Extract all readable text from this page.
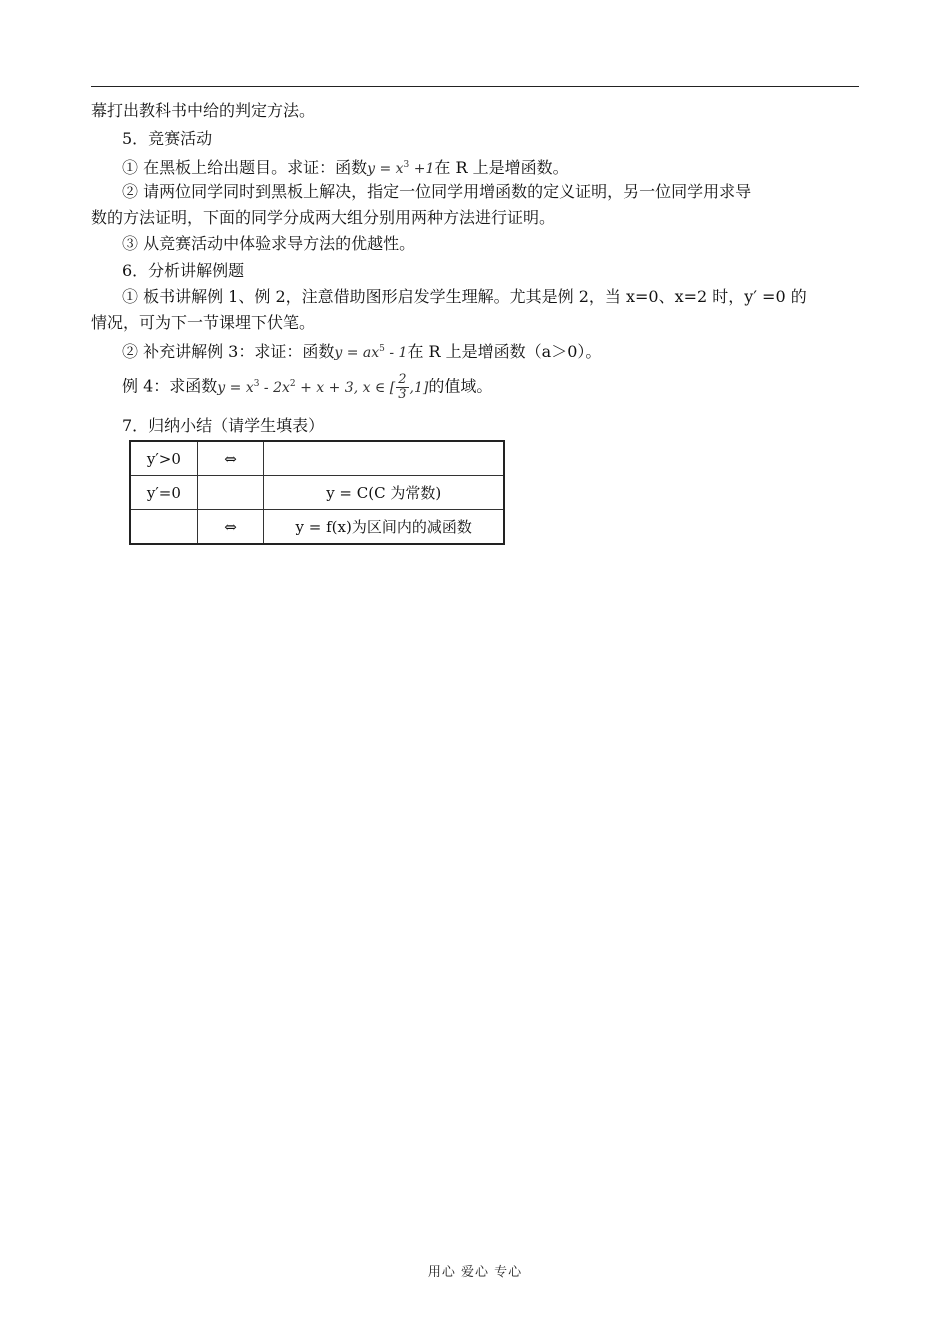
幕打出教科书中给的判定方法。
5．竞赛活动
① 在黑板上给出题目。求证：函数$y = x^3 +1$在 R 上是增函数。
② 请两位同学同时到黑板上解决，指定一位同学用增函数的定义证明，另一位同学用求导
数的方法证明，下面的同学分成两大组分别用两种方法进行证明。
③ 从竞赛活动中体验求导方法的优越性。
6．分析讲解例题
① 板书讲解例 1、例 2，注意借助图形启发学生理解。尤其是例 2，当 x=0、x=2 时，y′ =0 的
情况，可为下一节课埋下伏笔。
② 补充讲解例 3：求证：函数$y = ax^5 - 1$在 R 上是增函数（a＞0）。
例 4：求函数$y = x^3 - 2x^2 + x + 3$, x ∈ [ $\frac{2}{3} ,1$]的值域。
7．归纳小结（请学生填表）
y′>0	⇔	
y′=0		y = C(C 为常数)
	⇔	y = f(x)为区间内的减函数
用心 爱心 专心
